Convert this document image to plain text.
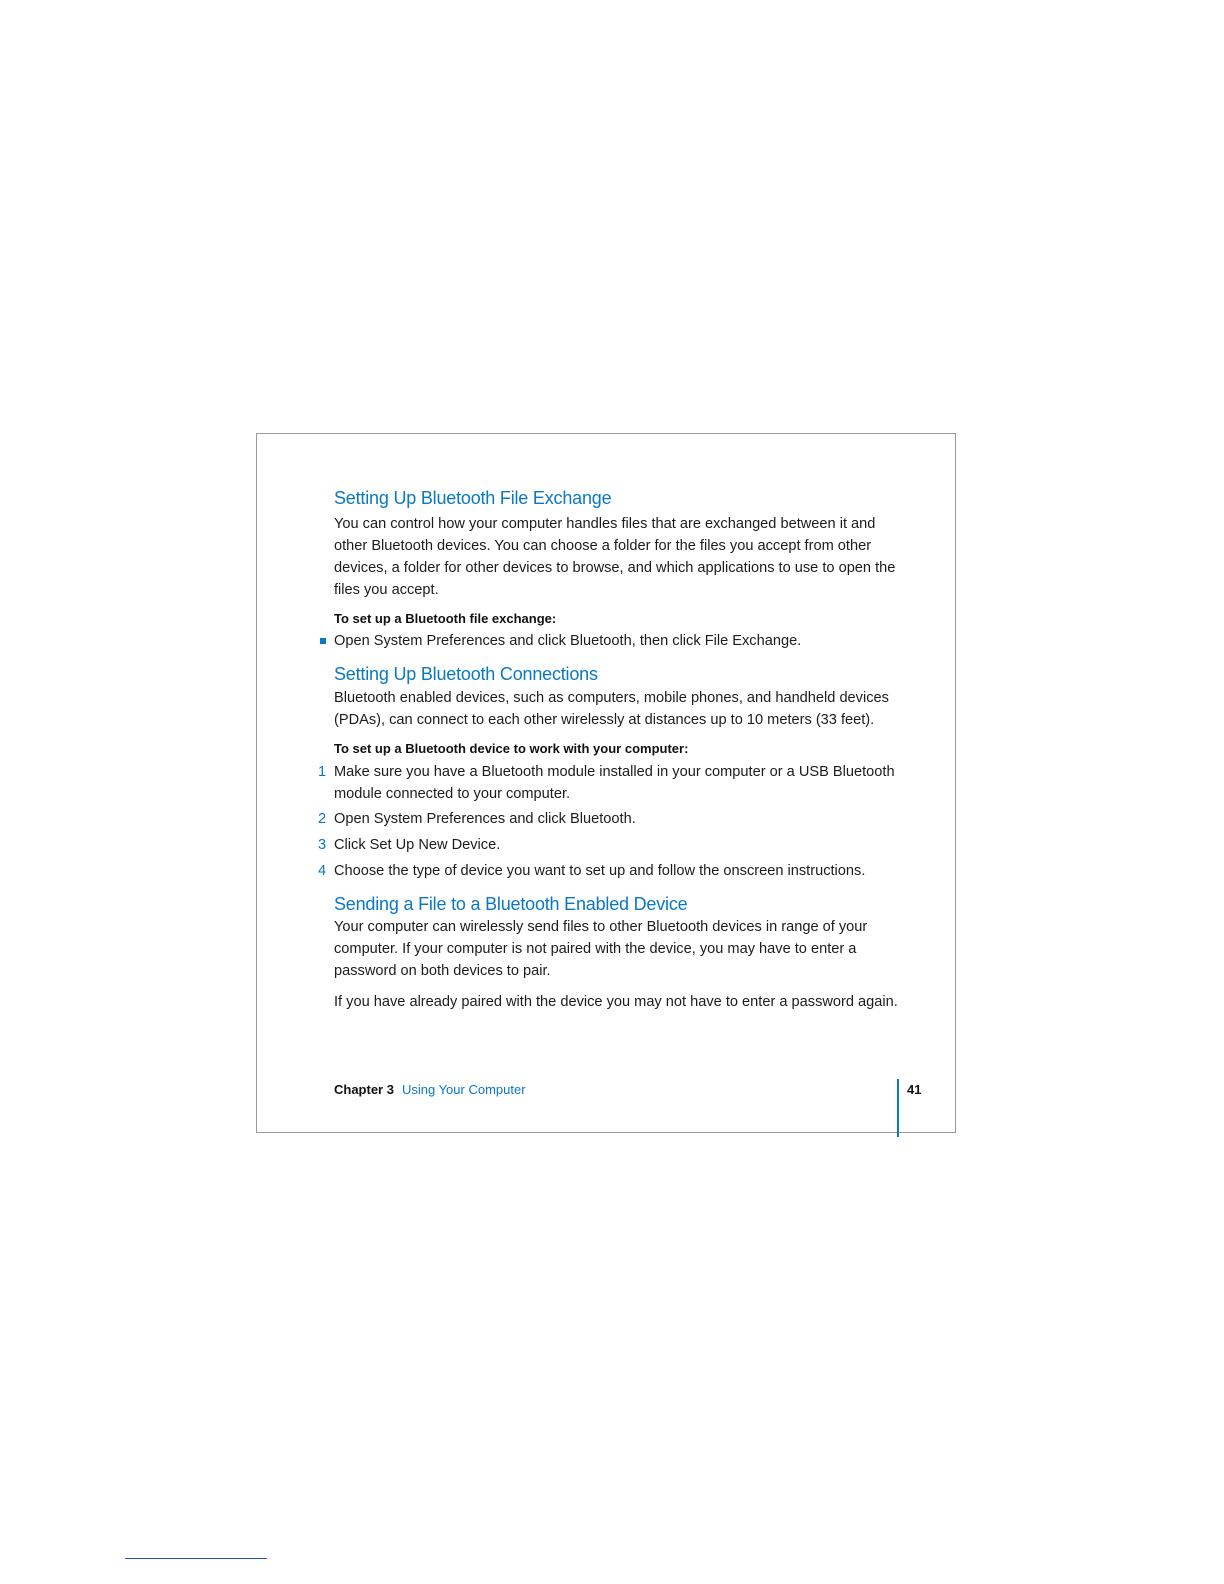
Setting Up Bluetooth File Exchange

You can control how your computer handles files that are exchanged between it and other Bluetooth devices. You can choose a folder for the files you accept from other devices, a folder for other devices to browse, and which applications to use to open the files you accept.

To set up a Bluetooth file exchange:

Open System Preferences and click Bluetooth, then click File Exchange.
Setting Up Bluetooth Connections

Bluetooth enabled devices, such as computers, mobile phones, and handheld devices (PDAs), can connect to each other wirelessly at distances up to 10 meters (33 feet).

To set up a Bluetooth device to work with your computer:

1 Make sure you have a Bluetooth module installed in your computer or a USB Bluetooth module connected to your computer.
2 Open System Preferences and click Bluetooth.
3 Click Set Up New Device.
4 Choose the type of device you want to set up and follow the onscreen instructions.
Sending a File to a Bluetooth Enabled Device

Your computer can wirelessly send files to other Bluetooth devices in range of your computer. If your computer is not paired with the device, you may have to enter a password on both devices to pair.

If you have already paired with the device you may not have to enter a password again.

Chapter 3 Using Your Computer	41
